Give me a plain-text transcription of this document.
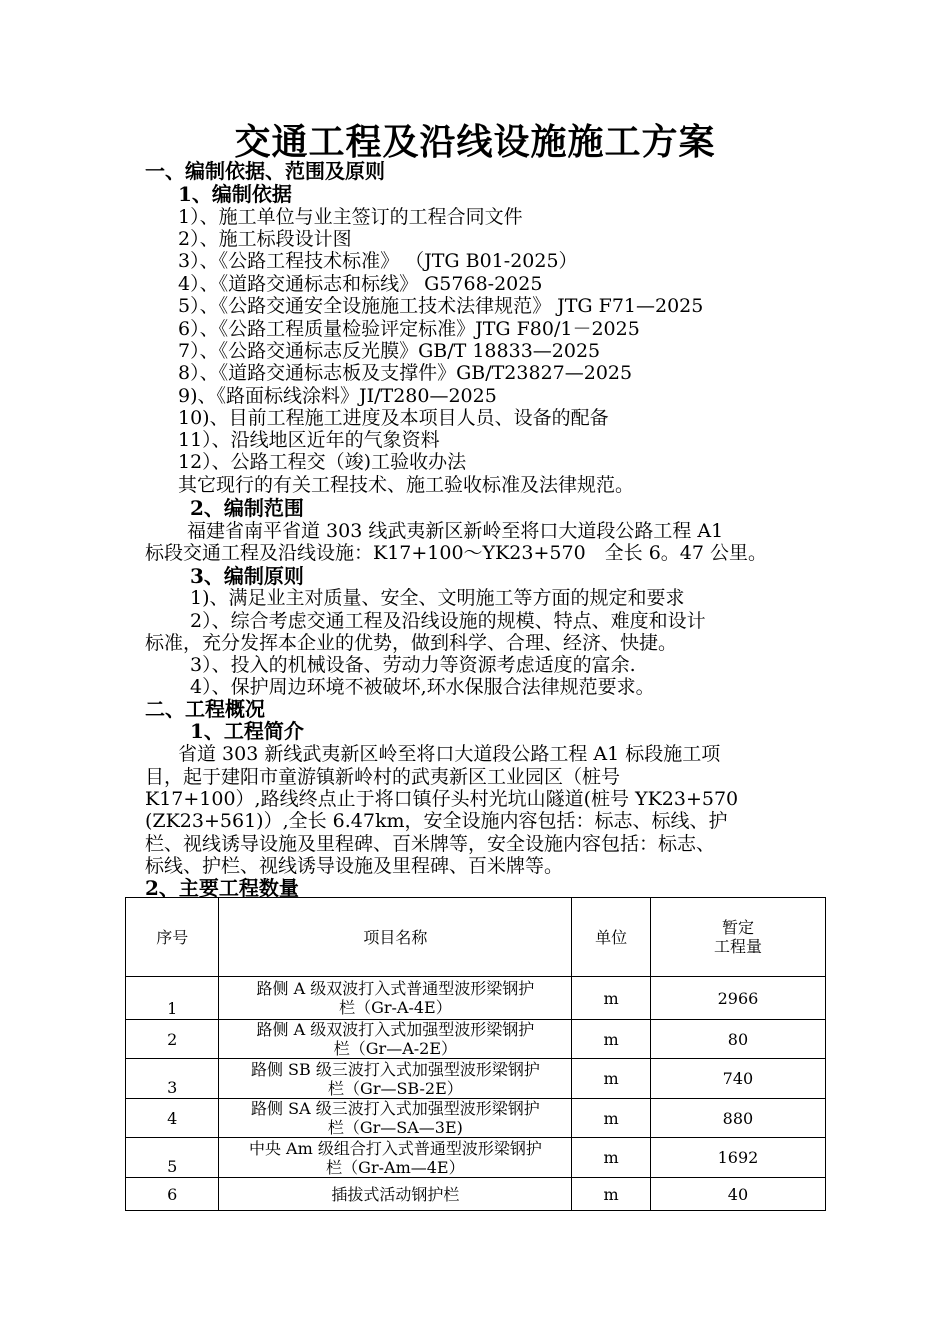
交通工程及沿线设施施工方案
一、编制依据、范围及原则
1、编制依据
1）、施工单位与业主签订的工程合同文件
2）、施工标段设计图
3）、《公路工程技术标准》 （JTG B01-2025）
4）、《道路交通标志和标线》 G5768-2025
5）、《公路交通安全设施施工技术法律规范》 JTG F71—2025
6）、《公路工程质量检验评定标准》JTG F80/1－2025
7）、《公路交通标志反光膜》GB/T 18833—2025
8）、《道路交通标志板及支撑件》GB/T23827—2025
9)、《路面标线涂料》JI/T280—2025
10)、目前工程施工进度及本项目人员、设备的配备
11）、沿线地区近年的气象资料
12）、公路工程交（竣)工验收办法
其它现行的有关工程技术、施工验收标准及法律规范。
2、编制范围
福建省南平省道 303 线武夷新区新岭至将口大道段公路工程 A1
标段交通工程及沿线设施：K17+100～YK23+570　全长 6。47 公里。
3、编制原则
1)、满足业主对质量、安全、文明施工等方面的规定和要求
2）、综合考虑交通工程及沿线设施的规模、特点、难度和设计
标准，充分发挥本企业的优势，做到科学、合理、经济、快捷。
3）、投入的机械设备、劳动力等资源考虑适度的富余.
4）、保护周边环境不被破坏,环水保服合法律规范要求。
二、工程概况
1、工程简介
省道 303 新线武夷新区岭至将口大道段公路工程 A1 标段施工项
目，起于建阳市童游镇新岭村的武夷新区工业园区（桩号
K17+100）,路线终点止于将口镇仔头村光坑山隧道(桩号 YK23+570
(ZK23+561)）,全长 6.47km，安全设施内容包括：标志、标线、护
栏、视线诱导设施及里程碑、百米牌等，安全设施内容包括：标志、
标线、护栏、视线诱导设施及里程碑、百米牌等。
2、主要工程数量
序号	项目名称	单位	暂定
工程量

1	路侧 A 级双波打入式普通型波形梁钢护
栏（Gr-A-4E）	m	2966
2	路侧 A 级双波打入式加强型波形梁钢护
栏（Gr—A-2E）	m	80
3	路侧 SB 级三波打入式加强型波形梁钢护
栏（Gr—SB-2E）	m	740
4	路侧 SA 级三波打入式加强型波形梁钢护
栏（Gr—SA—3E)	m	880
5	中央 Am 级组合打入式普通型波形梁钢护
栏（Gr-Am—4E）	m	1692
6	插拔式活动钢护栏	m	40
